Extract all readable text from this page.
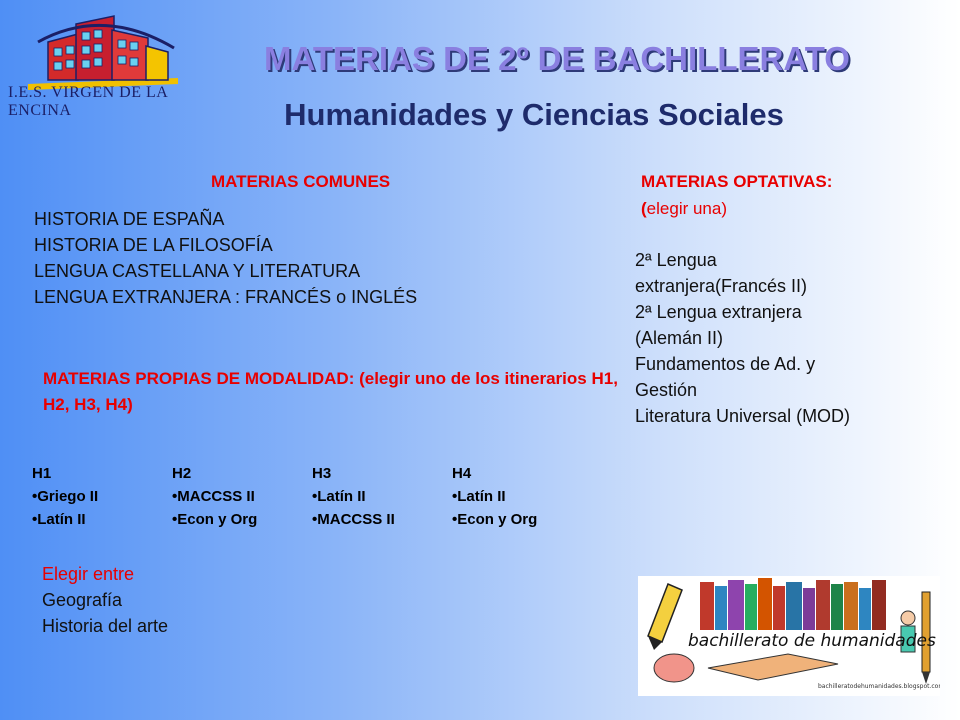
I.E.S. VIRGEN DE LA ENCINA
MATERIAS DE 2º DE BACHILLERATO
Humanidades y Ciencias Sociales
MATERIAS COMUNES
HISTORIA DE ESPAÑA
HISTORIA DE LA FILOSOFÍA
LENGUA CASTELLANA Y LITERATURA
LENGUA EXTRANJERA : FRANCÉS o INGLÉS
MATERIAS OPTATIVAS:
(elegir una)
2ª Lengua
extranjera(Francés II)
2ª Lengua extranjera
(Alemán II)
Fundamentos de Ad. y
Gestión
Literatura Universal (MOD)
MATERIAS PROPIAS DE MODALIDAD: (elegir uno de los itinerarios H1, H2, H3, H4)
H1
• Griego II
• Latín II
H2
• MACCSS II
• Econ y Org
H3
• Latín II
• MACCSS II
H4
• Latín II
• Econ y Org
Elegir entre
Geografía
Historia del arte
bachillerato de humanidades
bachilleratodehumanidades.blogspot.com
